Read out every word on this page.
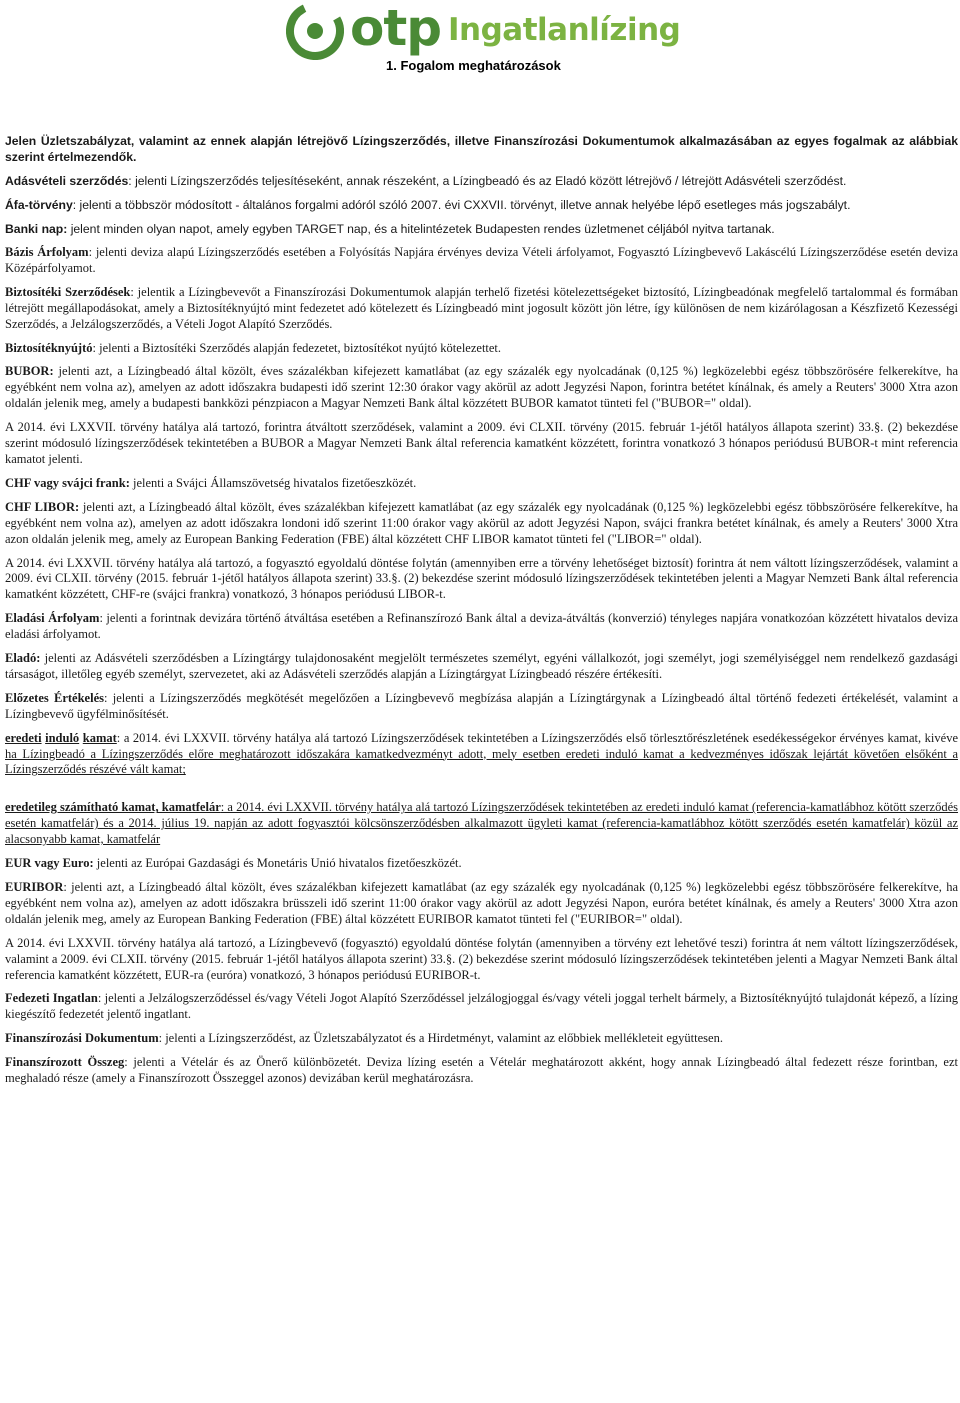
otp Ingatlanlízing
1. Fogalom meghatározások

Jelen Üzletszabályzat, valamint az ennek alapján létrejövő Lízingszerződés, illetve Finanszírozási Dokumentumok alkalmazásában az egyes fogalmak az alábbiak szerint értelmezendők.

Adásvételi szerződés: jelenti Lízingszerződés teljesítéseként, annak részeként, a Lízingbeadó és az Eladó között létrejövő / létrejött Adásvételi szerződést.

Áfa-törvény: jelenti a többször módosított - általános forgalmi adóról szóló 2007. évi CXXVII. törvényt, illetve annak helyébe lépő esetleges más jogszabályt.

Banki nap: jelent minden olyan napot, amely egyben TARGET nap, és a hitelintézetek Budapesten rendes üzletmenet céljából nyitva tartanak.

Bázis Árfolyam: jelenti deviza alapú Lízingszerződés esetében a Folyósítás Napjára érvényes deviza Vételi árfolyamot, Fogyasztó Lízingbevevő Lakáscélú Lízingszerződése esetén deviza Középárfolyamot.

Biztosítéki Szerződések: jelentik a Lízingbevevőt a Finanszírozási Dokumentumok alapján terhelő fizetési kötelezettségeket biztosító, Lízingbeadónak megfelelő tartalommal és formában létrejött megállapodásokat, amely a Biztosítéknyújtó mint fedezetet adó kötelezett és Lízingbeadó mint jogosult között jön létre, így különösen de nem kizárólagosan a Készfizető Kezességi Szerződés, a Jelzálogszerződés, a Vételi Jogot Alapító Szerződés.

Biztosítéknyújtó: jelenti a Biztosítéki Szerződés alapján fedezetet, biztosítékot nyújtó kötelezettet.

BUBOR: jelenti azt, a Lízingbeadó által közölt, éves százalékban kifejezett kamatlábat (az egy százalék egy nyolcadának (0,125 %) legközelebbi egész többszörösére felkerekítve, ha egyébként nem volna az), amelyen az adott időszakra budapesti idő szerint 12:30 órakor vagy akörül az adott Jegyzési Napon, forintra betétet kínálnak, és amely a Reuters' 3000 Xtra azon oldalán jelenik meg, amely a budapesti bankközi pénzpiacon a Magyar Nemzeti Bank által közzétett BUBOR kamatot tünteti fel ("BUBOR=" oldal).

A 2014. évi LXXVII. törvény hatálya alá tartozó, forintra átváltott szerződések, valamint a 2009. évi CLXII. törvény (2015. február 1-jétől hatályos állapota szerint) 33.§. (2) bekezdése szerint módosuló lízingszerződések tekintetében a BUBOR a Magyar Nemzeti Bank által referencia kamatként közzétett, forintra vonatkozó 3 hónapos periódusú BUBOR-t mint referencia kamatot jelenti.

CHF vagy svájci frank: jelenti a Svájci Államszövetség hivatalos fizetőeszközét.

CHF LIBOR: jelenti azt, a Lízingbeadó által közölt, éves százalékban kifejezett kamatlábat (az egy százalék egy nyolcadának (0,125 %) legközelebbi egész többszörösére felkerekítve, ha egyébként nem volna az), amelyen az adott időszakra londoni idő szerint 11:00 órakor vagy akörül az adott Jegyzési Napon, svájci frankra betétet kínálnak, és amely a Reuters' 3000 Xtra azon oldalán jelenik meg, amely az European Banking Federation (FBE) által közzétett CHF LIBOR kamatot tünteti fel ("LIBOR=" oldal).

A 2014. évi LXXVII. törvény hatálya alá tartozó, a fogyasztó egyoldalú döntése folytán (amennyiben erre a törvény lehetőséget biztosít) forintra át nem váltott lízingszerződések, valamint a 2009. évi CLXII. törvény (2015. február 1-jétől hatályos állapota szerint) 33.§. (2) bekezdése szerint módosuló lízingszerződések tekintetében jelenti a Magyar Nemzeti Bank által referencia kamatként közzétett, CHF-re (svájci frankra) vonatkozó, 3 hónapos periódusú LIBOR-t.

Eladási Árfolyam: jelenti a forintnak devizára történő átváltása esetében a Refinanszírozó Bank által a deviza-átváltás (konverzió) tényleges napjára vonatkozóan közzétett hivatalos deviza eladási árfolyamot.

Eladó: jelenti az Adásvételi szerződésben a Lízingtárgy tulajdonosaként megjelölt természetes személyt, egyéni vállalkozót, jogi személyt, jogi személyiséggel nem rendelkező gazdasági társaságot, illetőleg egyéb személyt, szervezetet, aki az Adásvételi szerződés alapján a Lízingtárgyat Lízingbeadó részére értékesíti.

Előzetes Értékelés: jelenti a Lízingszerződés megkötését megelőzően a Lízingbevevő megbízása alapján a Lízingtárgynak a Lízingbeadó által történő fedezeti értékelését, valamint a Lízingbevevő ügyfélminősítését.

eredeti induló kamat: a 2014. évi LXXVII. törvény hatálya alá tartozó Lízingszerződések tekintetében a Lízingszerződés első törlesztőrészletének esedékességekor érvényes kamat, kivéve ha Lízingbeadó a Lízingszerződés előre meghatározott időszakára kamatkedvezményt adott, mely esetben eredeti induló kamat a kedvezményes időszak lejártát követően elsőként a Lízingszerződés részévé vált kamat;

eredetileg számítható kamat, kamatfelár: a 2014. évi LXXVII. törvény hatálya alá tartozó Lízingszerződések tekintetében az eredeti induló kamat (referencia-kamatlábhoz kötött szerződés esetén kamatfelár) és a 2014. július 19. napján az adott fogyasztói kölcsönszerződésben alkalmazott ügyleti kamat (referencia-kamatlábhoz kötött szerződés esetén kamatfelár) közül az alacsonyabb kamat, kamatfelár

EUR vagy Euro: jelenti az Európai Gazdasági és Monetáris Unió hivatalos fizetőeszközét.

EURIBOR: jelenti azt, a Lízingbeadó által közölt, éves százalékban kifejezett kamatlábat (az egy százalék egy nyolcadának (0,125 %) legközelebbi egész többszörösére felkerekítve, ha egyébként nem volna az), amelyen az adott időszakra brüsszeli idő szerint 11:00 órakor vagy akörül az adott Jegyzési Napon, euróra betétet kínálnak, és amely a Reuters' 3000 Xtra azon oldalán jelenik meg, amely az European Banking Federation (FBE) által közzétett EURIBOR kamatot tünteti fel ("EURIBOR=" oldal).

A 2014. évi LXXVII. törvény hatálya alá tartozó, a Lízingbevevő (fogyasztó) egyoldalú döntése folytán (amennyiben a törvény ezt lehetővé teszi) forintra át nem váltott lízingszerződések, valamint a 2009. évi CLXII. törvény (2015. február 1-jétől hatályos állapota szerint) 33.§. (2) bekezdése szerint módosuló lízingszerződések tekintetében jelenti a Magyar Nemzeti Bank által referencia kamatként közzétett, EUR-ra (euróra) vonatkozó, 3 hónapos periódusú EURIBOR-t.

Fedezeti Ingatlan: jelenti a Jelzálogszerződéssel és/vagy Vételi Jogot Alapító Szerződéssel jelzálogjoggal és/vagy vételi joggal terhelt bármely, a Biztosítéknyújtó tulajdonát képező, a lízing kiegészítő fedezetét jelentő ingatlant.

Finanszírozási Dokumentum: jelenti a Lízingszerződést, az Üzletszabályzatot és a Hirdetményt, valamint az előbbiek mellékleteit együttesen.

Finanszírozott Összeg: jelenti a Vételár és az Önerő különbözetét. Deviza lízing esetén a Vételár meghatározott akként, hogy annak Lízingbeadó által fedezett része forintban, ezt meghaladó része (amely a Finanszírozott Összeggel azonos) devizában kerül meghatározásra.
